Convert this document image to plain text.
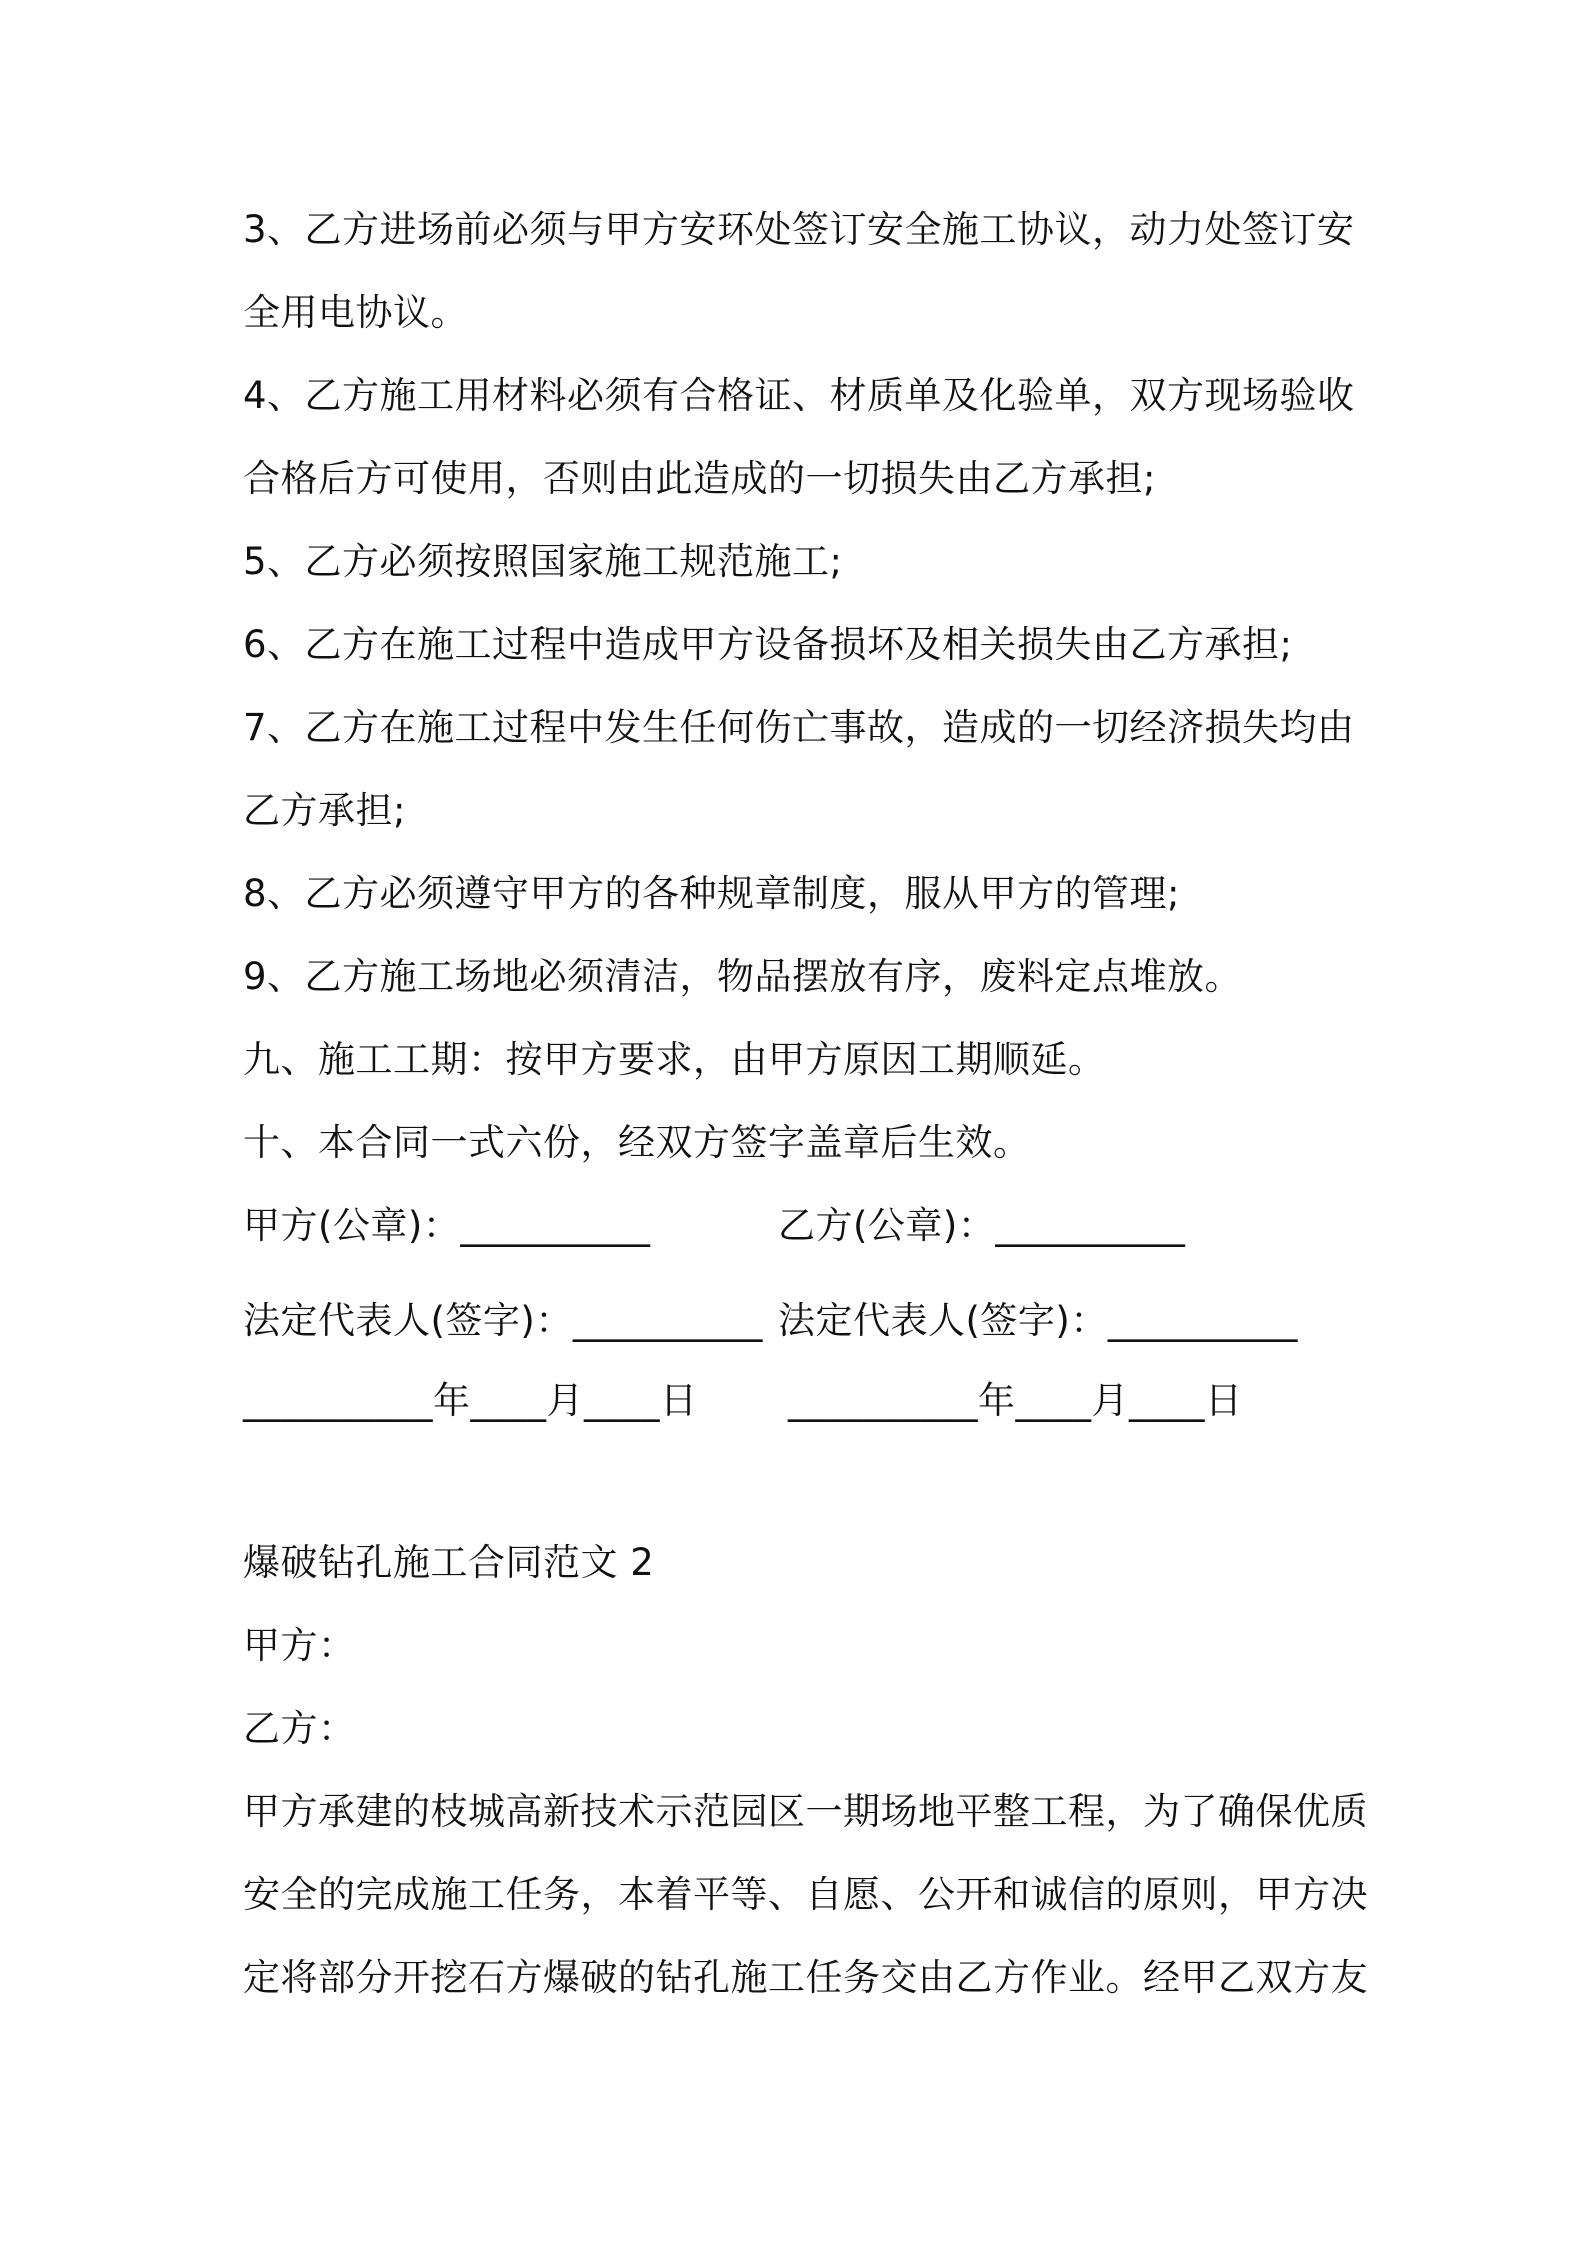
3、乙方进场前必须与甲方安环处签订安全施工协议，动力处签订安
全用电协议。
4、乙方施工用材料必须有合格证、材质单及化验单，双方现场验收
合格后方可使用，否则由此造成的一切损失由乙方承担;
5、乙方必须按照国家施工规范施工;
6、乙方在施工过程中造成甲方设备损坏及相关损失由乙方承担;
7、乙方在施工过程中发生任何伤亡事故，造成的一切经济损失均由
乙方承担;
8、乙方必须遵守甲方的各种规章制度，服从甲方的管理;
9、乙方施工场地必须清洁，物品摆放有序，废料定点堆放。
九、施工工期：按甲方要求，由甲方原因工期顺延。
十、本合同一式六份，经双方签字盖章后生效。
甲方(公章)：__________	乙方(公章)：__________
法定代表人(签字)：__________ 法定代表人(签字)：__________
__________年____月____日 __________年____月____日
爆破钻孔施工合同范文 2
甲方：
乙方：
甲方承建的枝城高新技术示范园区一期场地平整工程，为了确保优质
安全的完成施工任务，本着平等、自愿、公开和诚信的原则，甲方决
定将部分开挖石方爆破的钻孔施工任务交由乙方作业。经甲乙双方友
